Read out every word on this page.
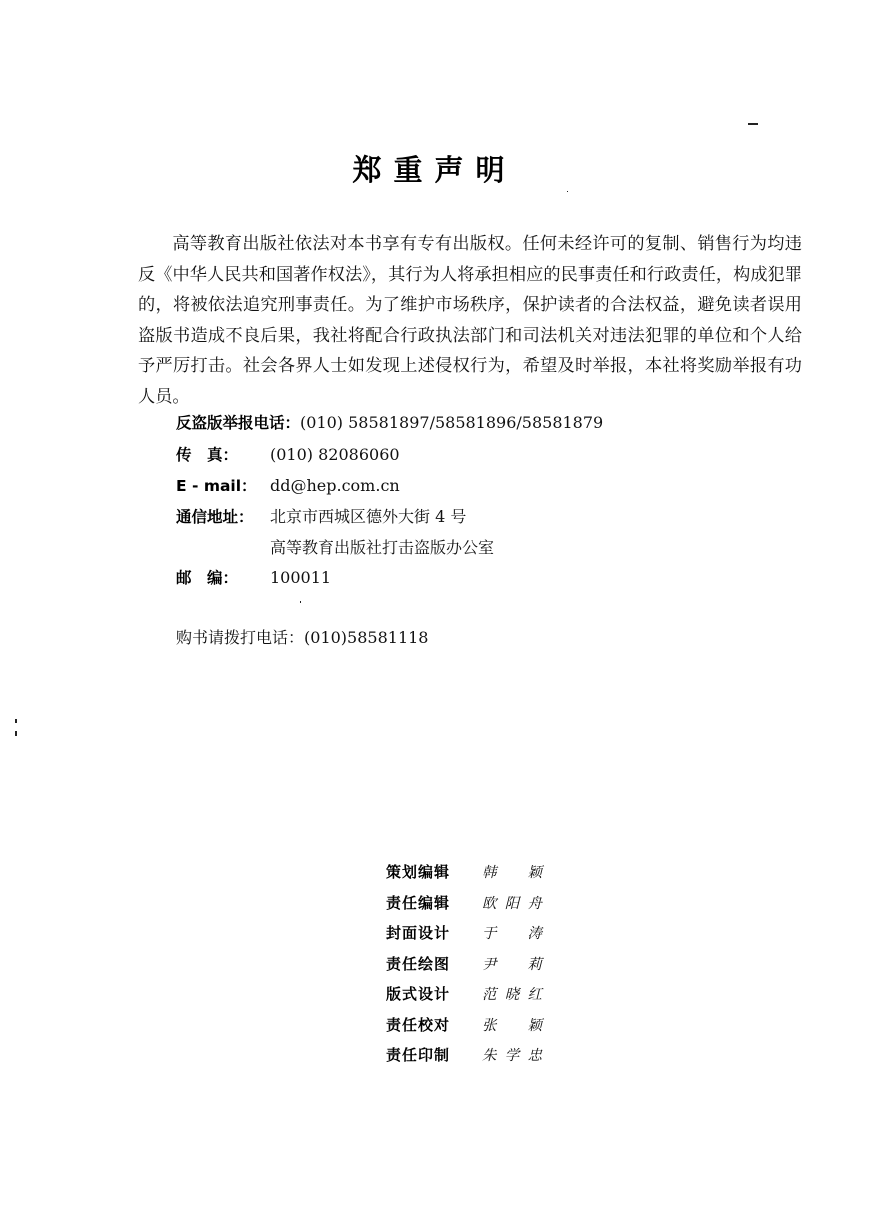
郑重声明

高等教育出版社依法对本书享有专有出版权。任何未经许可的复制、销售行为均违反《中华人民共和国著作权法》，其行为人将承担相应的民事责任和行政责任，构成犯罪的，将被依法追究刑事责任。为了维护市场秩序，保护读者的合法权益，避免读者误用盗版书造成不良后果，我社将配合行政执法部门和司法机关对违法犯罪的单位和个人给予严厉打击。社会各界人士如发现上述侵权行为，希望及时举报，本社将奖励举报有功人员。

反盗版举报电话：(010) 58581897/58581896/58581879
传　真： (010) 82086060
E - mail： dd@hep.com.cn
通信地址： 北京市西城区德外大街 4 号
高等教育出版社打击盗版办公室
邮　编： 100011
购书请拨打电话：(010)58581118
策划编辑 韩颖
责任编辑 欧阳舟
封面设计 于涛
责任绘图 尹莉
版式设计 范晓红
责任校对 张颖
责任印制 朱学忠
